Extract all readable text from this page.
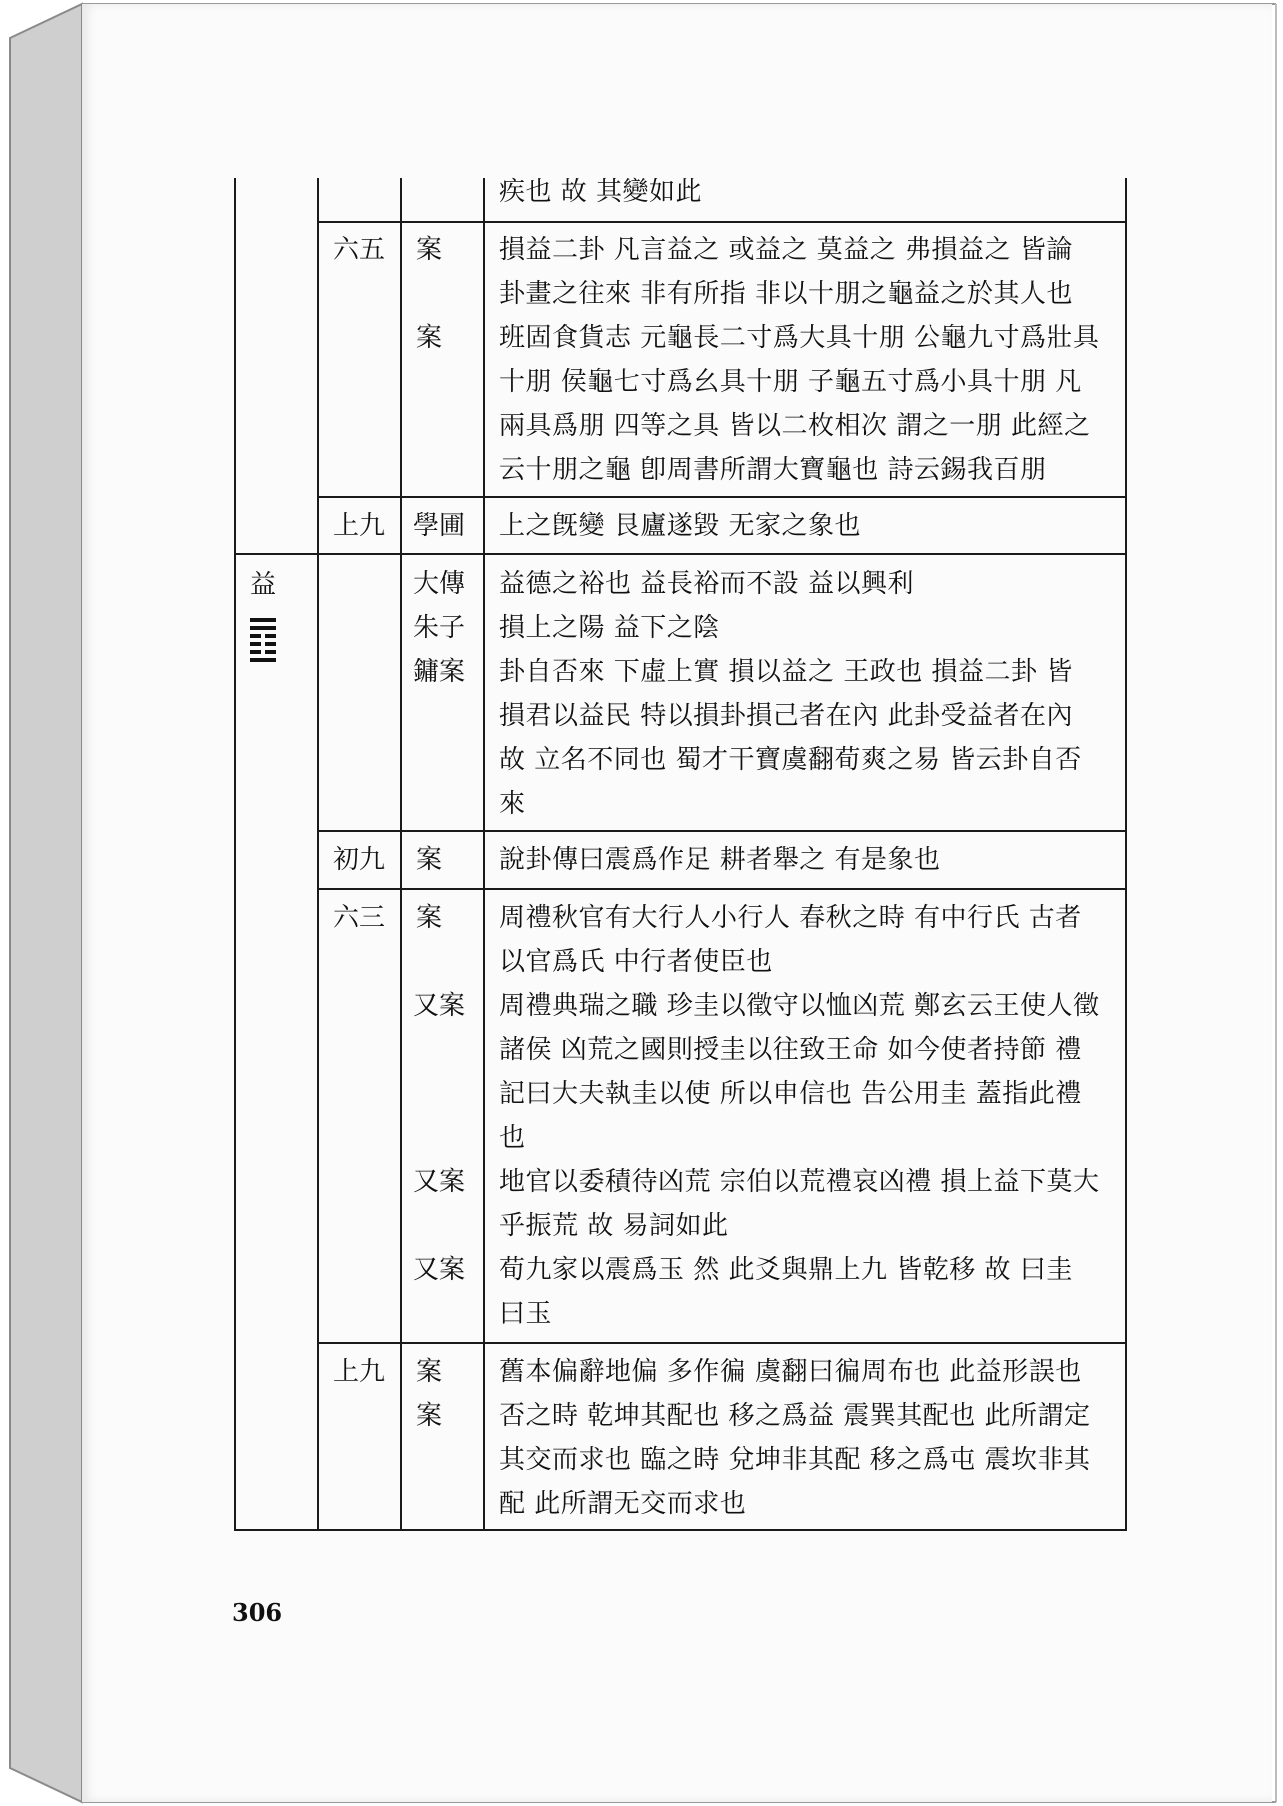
益
疾也 故 其變如此
六五 案
案
損益二卦 凡言益之 或益之 莫益之 弗損益之 皆論
卦畫之往來 非有所指 非以十朋之龜益之於其人也
班固食貨志 元龜長二寸爲大具十朋 公龜九寸爲壯具
十朋 侯龜七寸爲幺具十朋 子龜五寸爲小具十朋 凡
兩具爲朋 四等之具 皆以二枚相次 謂之一朋 此經之
云十朋之龜 卽周書所謂大寶龜也 詩云錫我百朋
上九 學圃 上之旣變 艮廬遂毀 无家之象也
大傳
朱子
鏞案
益德之裕也 益長裕而不設 益以興利
損上之陽 益下之陰
卦自否來 下虛上實 損以益之 王政也 損益二卦 皆
損君以益民 特以損卦損己者在內 此卦受益者在內
故 立名不同也 蜀才干寶虞翻荀爽之易 皆云卦自否
來
初九 案 說卦傳曰震爲作足 耕者舉之 有是象也
六三 案
又案
又案
又案
周禮秋官有大行人小行人 春秋之時 有中行氏 古者
以官爲氏 中行者使臣也
周禮典瑞之職 珍圭以徵守以恤凶荒 鄭玄云王使人徵
諸侯 凶荒之國則授圭以往致王命 如今使者持節 禮
記曰大夫執圭以使 所以申信也 告公用圭 蓋指此禮
也
地官以委積待凶荒 宗伯以荒禮哀凶禮 損上益下莫大
乎振荒 故 易詞如此
荀九家以震爲玉 然 此爻與鼎上九 皆乾移 故 曰圭
曰玉
上九 案
案
舊本偏辭地偏 多作徧 虞翻曰徧周布也 此益形誤也
否之時 乾坤其配也 移之爲益 震巽其配也 此所謂定
其交而求也 臨之時 兌坤非其配 移之爲屯 震坎非其
配 此所謂无交而求也
306
